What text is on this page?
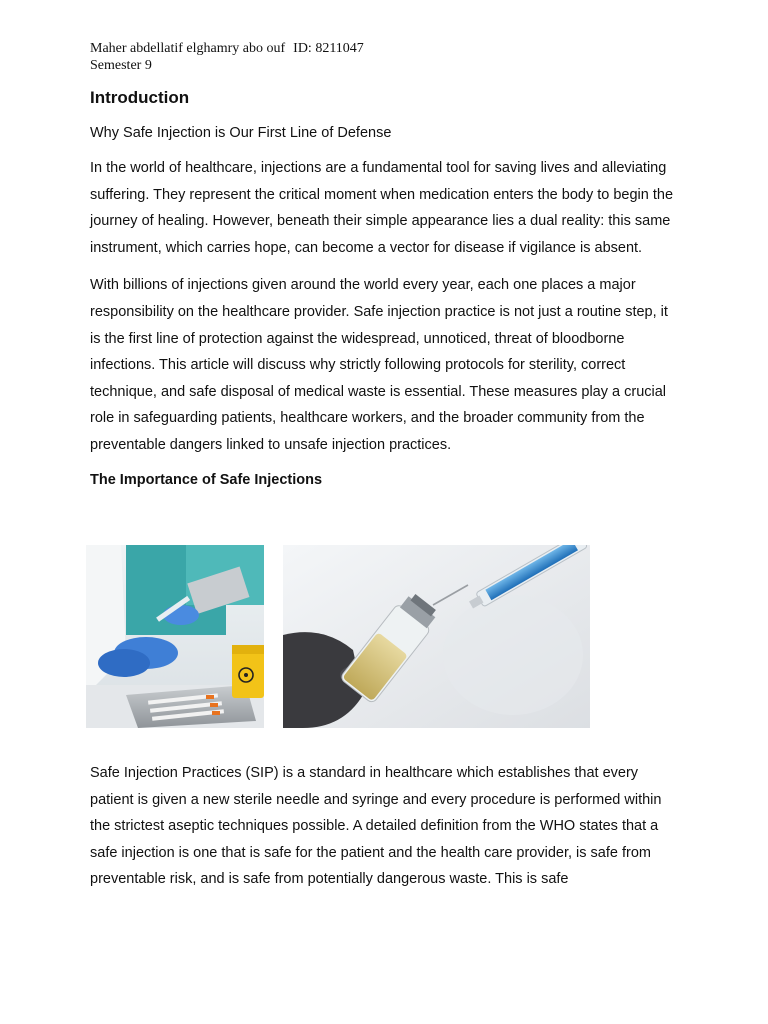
Maher abdellatif elghamry abo ouf ID: 8211047
Semester 9
Introduction
Why Safe Injection is Our First Line of Defense

In the world of healthcare, injections are a fundamental tool for saving lives and alleviating suffering. They represent the critical moment when medication enters the body to begin the journey of healing. However, beneath their simple appearance lies a dual reality: this same instrument, which carries hope, can become a vector for disease if vigilance is absent.

With billions of injections given around the world every year, each one places a major responsibility on the healthcare provider. Safe injection practice is not just a routine step, it is the first line of protection against the widespread, unnoticed, threat of bloodborne infections. This article will discuss why strictly following protocols for sterility, correct technique, and safe disposal of medical waste is essential. These measures play a crucial role in safeguarding patients, healthcare workers, and the broader community from the preventable dangers linked to unsafe injection practices.

The Importance of Safe Injections

Safe Injection Practices (SIP) is a standard in healthcare which establishes that every patient is given a new sterile needle and syringe and every procedure is performed within the strictest aseptic techniques possible. A detailed definition from the WHO states that a safe injection is one that is safe for the patient and the health care provider, is safe from preventable risk, and is safe from potentially dangerous waste. This is safe
